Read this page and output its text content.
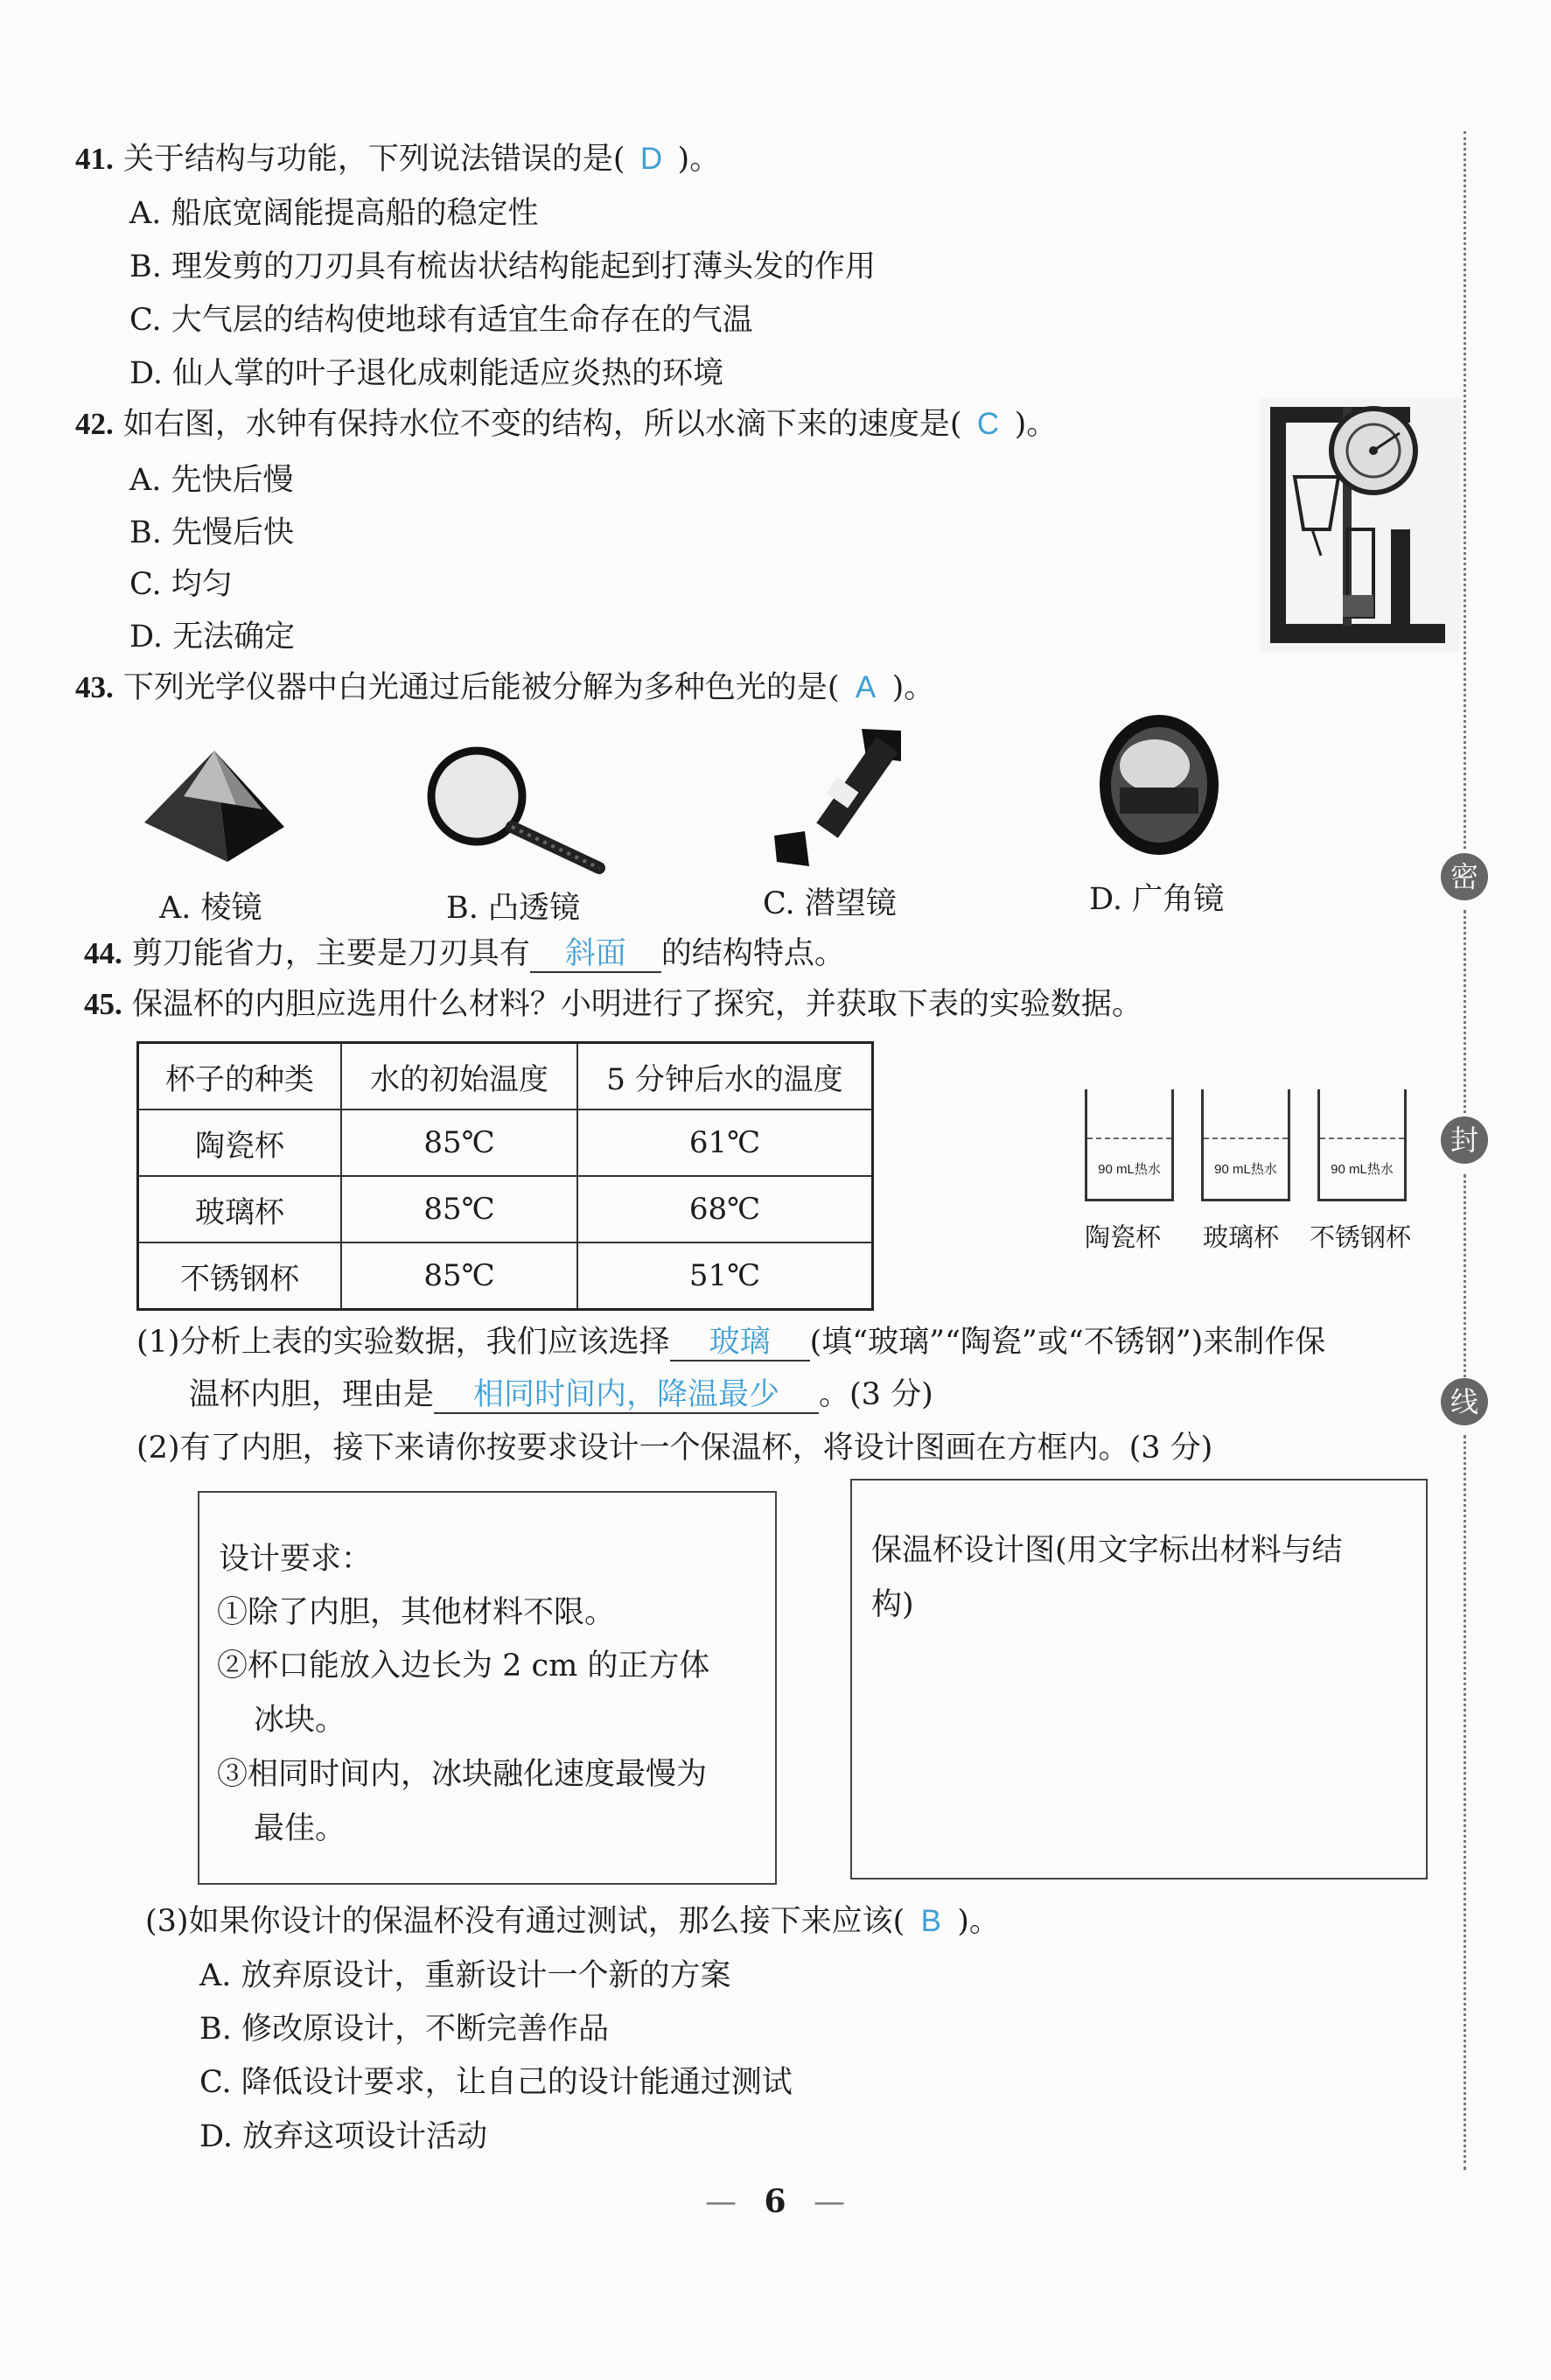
41. 关于结构与功能，下列说法错误的是( D )。
A. 船底宽阔能提高船的稳定性
B. 理发剪的刀刃具有梳齿状结构能起到打薄头发的作用
C. 大气层的结构使地球有适宜生命存在的气温
D. 仙人掌的叶子退化成刺能适应炎热的环境
42. 如右图，水钟有保持水位不变的结构，所以水滴下来的速度是( C )。
A. 先快后慢
B. 先慢后快
C. 均匀
D. 无法确定
43. 下列光学仪器中白光通过后能被分解为多种色光的是( A )。
A. 棱镜	B. 凸透镜	C. 潜望镜	D. 广角镜
44. 剪刀能省力，主要是刀刃具有 斜面 的结构特点。
45. 保温杯的内胆应选用什么材料？小明进行了探究，并获取下表的实验数据。
杯子的种类	水的初始温度	5 分钟后水的温度
陶瓷杯	85℃	61℃
玻璃杯	85℃	68℃
不锈钢杯	85℃	51℃
90 mL热水	90 mL热水	90 mL热水
陶瓷杯 玻璃杯 不锈钢杯
(1)分析上表的实验数据，我们应该选择 玻璃 (填“玻璃”“陶瓷”或“不锈钢”)来制作保
温杯内胆，理由是 相同时间内，降温最少 。(3 分)
(2)有了内胆，接下来请你按要求设计一个保温杯，将设计图画在方框内。(3 分)
设计要求：
①除了内胆，其他材料不限。
②杯口能放入边长为 2 cm 的正方体
冰块。
③相同时间内，冰块融化速度最慢为
最佳。
保温杯设计图(用文字标出材料与结
构)
(3)如果你设计的保温杯没有通过测试，那么接下来应该( B )。
A. 放弃原设计，重新设计一个新的方案
B. 修改原设计，不断完善作品
C. 降低设计要求，让自己的设计能通过测试
D. 放弃这项设计活动
— 6 —
密
封
线
